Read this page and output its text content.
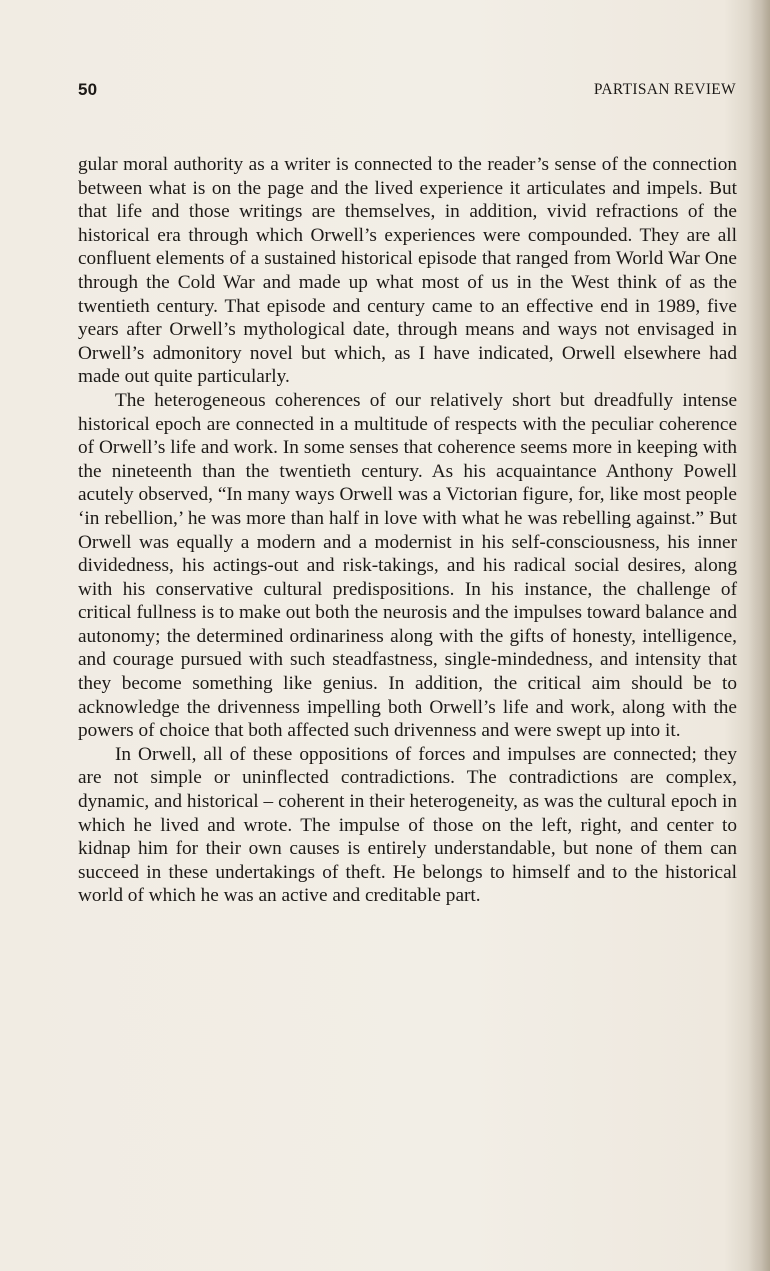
50	PARTISAN REVIEW

gular moral authority as a writer is connected to the reader’s sense of the connection between what is on the page and the lived experience it articulates and impels. But that life and those writings are themselves, in addition, vivid refractions of the historical era through which Orwell’s experiences were compounded. They are all confluent elements of a sustained historical episode that ranged from World War One through the Cold War and made up what most of us in the West think of as the twentieth century. That episode and century came to an effective end in 1989, five years after Orwell’s mythological date, through means and ways not envisaged in Orwell’s admonitory novel but which, as I have indicated, Orwell elsewhere had made out quite particularly.

The heterogeneous coherences of our relatively short but dreadfully intense historical epoch are connected in a multitude of respects with the peculiar coherence of Orwell’s life and work. In some senses that coherence seems more in keeping with the nineteenth than the twentieth century. As his acquaintance Anthony Powell acutely observed, “In many ways Orwell was a Victorian figure, for, like most people ‘in rebellion,’ he was more than half in love with what he was rebelling against.” But Orwell was equally a modern and a modernist in his self-consciousness, his inner dividedness, his actings-out and risk-takings, and his radical social desires, along with his conservative cultural predispositions. In his instance, the challenge of critical fullness is to make out both the neurosis and the impulses toward balance and autonomy; the determined ordinariness along with the gifts of honesty, intelligence, and courage pursued with such steadfastness, single-mindedness, and intensity that they become something like genius. In addition, the critical aim should be to acknowledge the drivenness impelling both Orwell’s life and work, along with the powers of choice that both affected such drivenness and were swept up into it.

In Orwell, all of these oppositions of forces and impulses are connected; they are not simple or uninflected contradictions. The contradictions are complex, dynamic, and historical – coherent in their heterogeneity, as was the cultural epoch in which he lived and wrote. The impulse of those on the left, right, and center to kidnap him for their own causes is entirely understandable, but none of them can succeed in these undertakings of theft. He belongs to himself and to the historical world of which he was an active and creditable part.
